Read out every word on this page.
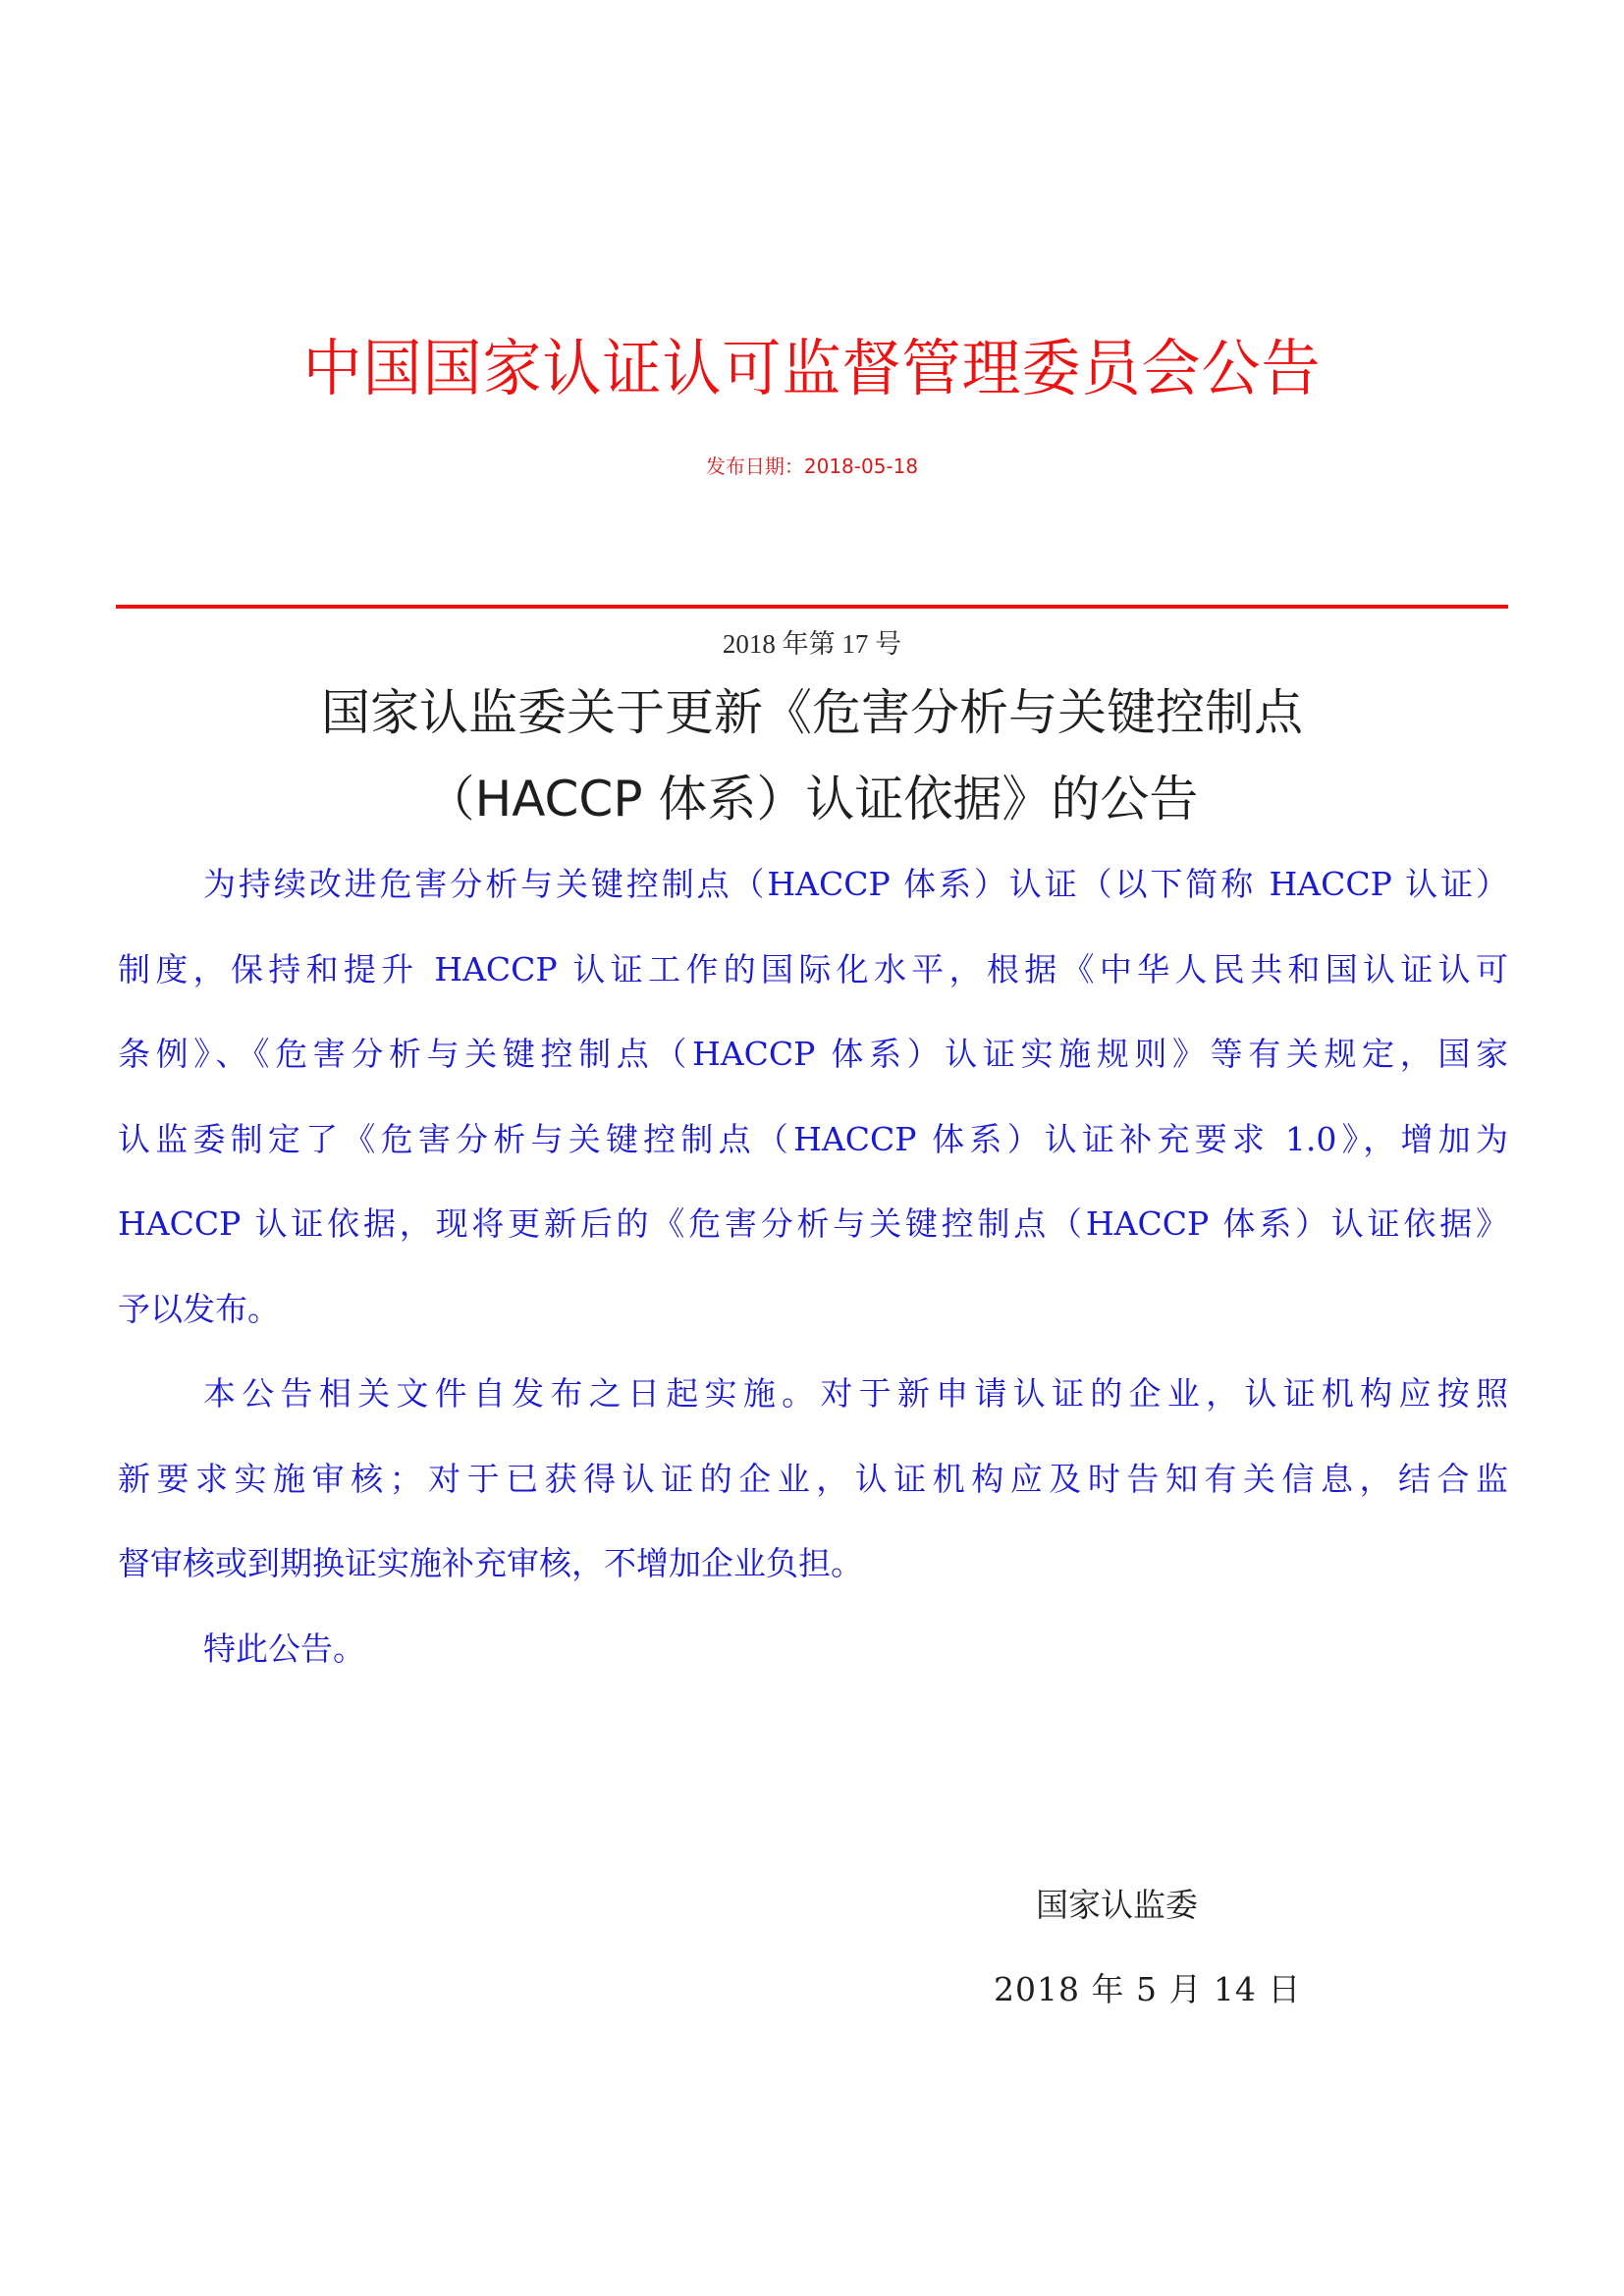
中国国家认证认可监督管理委员会公告
发布日期：2018-05-18
2018 年第 17 号
国家认监委关于更新《危害分析与关键控制点
（HACCP 体系）认证依据》的公告
为持续改进危害分析与关键控制点（HACCP 体系）认证（以下简称 HACCP 认证）
制度，保持和提升 HACCP 认证工作的国际化水平，根据《中华人民共和国认证认可
条例》、《危害分析与关键控制点（HACCP 体系）认证实施规则》等有关规定，国家
认监委制定了《危害分析与关键控制点（HACCP 体系）认证补充要求 1.0》，增加为
HACCP 认证依据，现将更新后的《危害分析与关键控制点（HACCP 体系）认证依据》
予以发布。
本公告相关文件自发布之日起实施。对于新申请认证的企业，认证机构应按照
新要求实施审核；对于已获得认证的企业，认证机构应及时告知有关信息，结合监
督审核或到期换证实施补充审核，不增加企业负担。
特此公告。
国家认监委
2018 年 5 月 14 日
